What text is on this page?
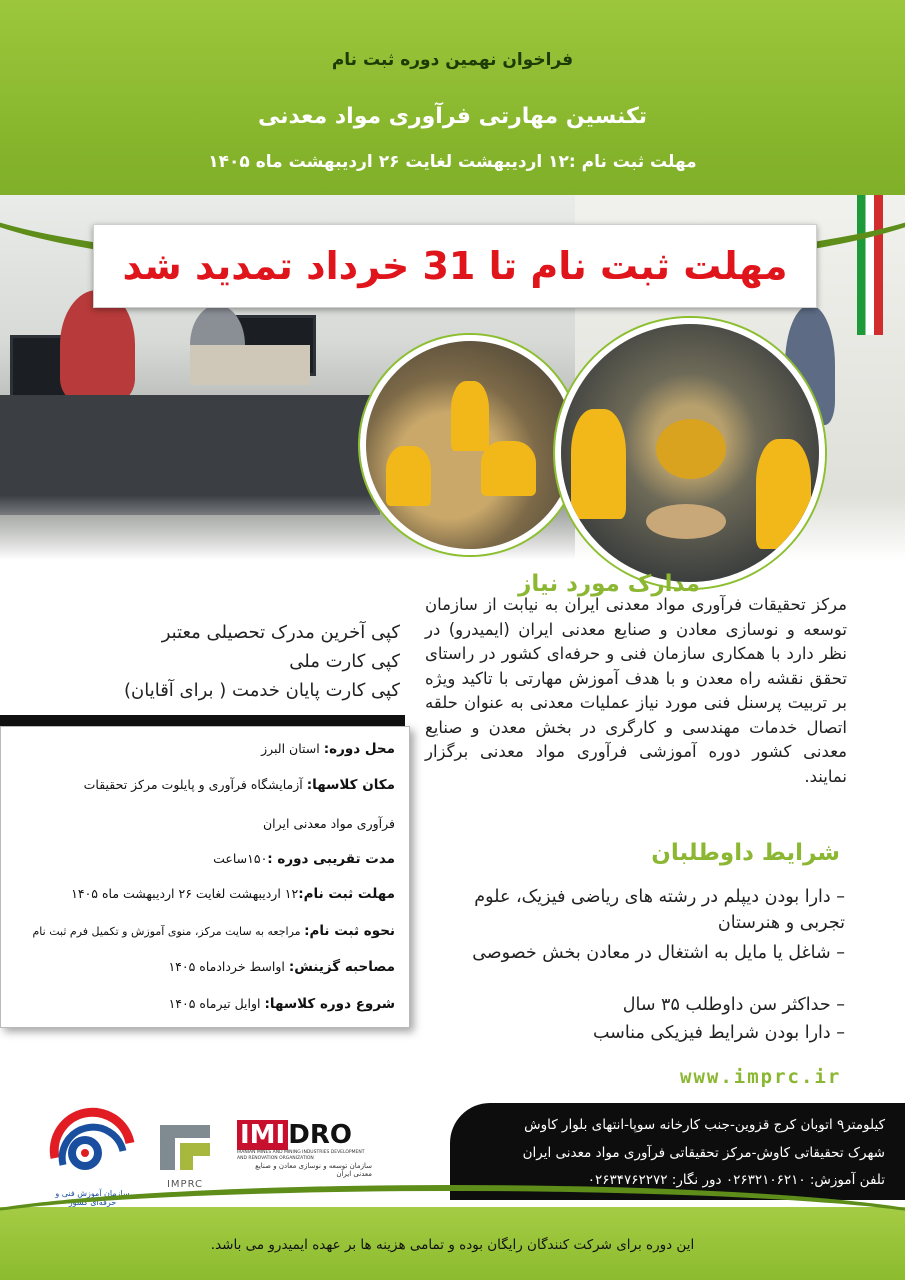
فراخوان نهمین دوره ثبت نام
تکنسین مهارتی فرآوری مواد معدنی
مهلت ثبت نام :۱۲ اردیبهشت لغایت ۲۶ اردیبهشت ماه ۱۴۰۵
مهلت ثبت نام تا 31 خرداد تمدید شد
مدارک مورد نیاز
کپی آخرین مدرک تحصیلی معتبر
کپی کارت ملی
کپی کارت پایان خدمت ( برای آقایان)
مرکز تحقیقات فرآوری مواد معدنی ایران به نیابت از سازمان توسعه و نوسازی معادن و صنایع معدنی ایران (ایمیدرو) در نظر دارد با همکاری سازمان فنی و حرفه‌ای کشور در راستای تحقق نقشه راه معدن و با هدف آموزش مهارتی با تاکید ویژه بر تربیت پرسنل فنی مورد نیاز عملیات معدنی به عنوان حلقه اتصال خدمات مهندسی و کارگری در بخش معدن و صنایع معدنی کشور دوره آموزشی فرآوری مواد معدنی برگزار نمایند.
شرایط داوطلبان
– دارا بودن دیپلم در رشته های ریاضی فیزیک، علوم تجربی و هنرستان
– شاغل یا مایل به اشتغال در معادن بخش خصوصی
– حداکثر سن داوطلب ۳۵ سال
– دارا بودن شرایط فیزیکی مناسب
محل دوره: استان البرز
مکان کلاسها: آزمایشگاه فرآوری و پایلوت مرکز تحقیقات
فرآوری مواد معدنی ایران
مدت تقریبی دوره :۱۵۰ساعت
مهلت ثبت نام:۱۲ اردیبهشت لغایت ۲۶ اردیبهشت ماه ۱۴۰۵
نحوه ثبت نام: مراجعه به سایت مرکز، منوی آموزش و تکمیل فرم ثبت نام
مصاحبه گزینش: اواسط خردادماه ۱۴۰۵
شروع دوره کلاسها: اوایل تیرماه ۱۴۰۵
www.imprc.ir
سازمان آموزش فنی و حرفه‌ای کشور
IMPRC
IMI DRO
IRANIAN MINES AND MINING INDUSTRIES DEVELOPMENT AND RENOVATION ORGANIZATION
سازمان توسعه و نوسازی معادن و صنایع معدنی ایران
کیلومتر۹ اتوبان کرج قزوین-جنب کارخانه سوپا-انتهای بلوار کاوش
شهرک تحقیقاتی کاوش-مرکز تحقیقاتی فرآوری مواد معدنی ایران
تلفن آموزش: ۰۲۶۳۲۱۰۶۲۱۰ دور نگار: ۰۲۶۳۴۷۶۲۲۷۲
این دوره برای شرکت کنندگان رایگان بوده و تمامی هزینه ها بر عهده ایمیدرو می باشد.
